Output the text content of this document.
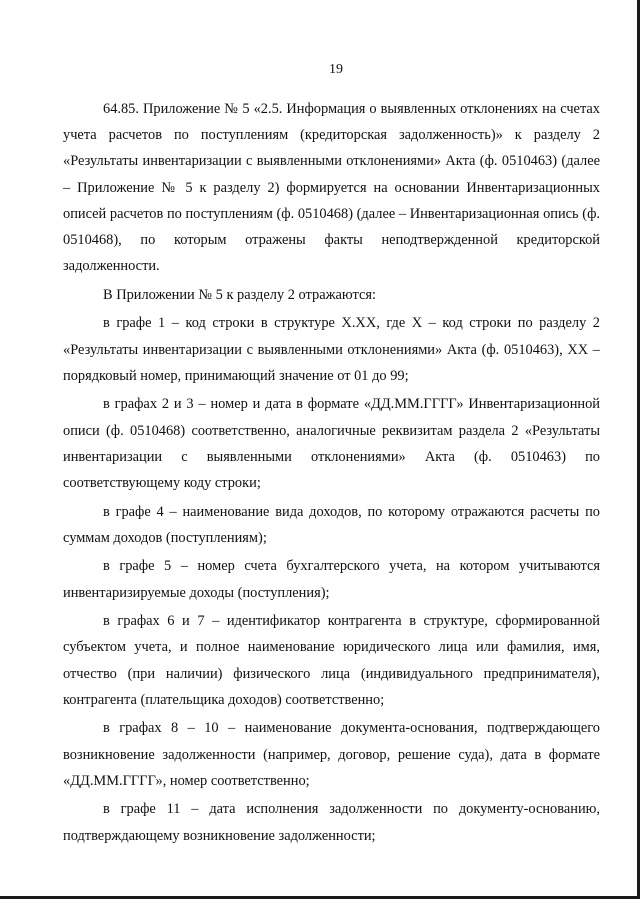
19

64.85. Приложение № 5 «2.5. Информация о выявленных отклонениях на счетах учета расчетов по поступлениям (кредиторская задолженность)» к разделу 2 «Результаты инвентаризации с выявленными отклонениями» Акта (ф. 0510463) (далее – Приложение № 5 к разделу 2) формируется на основании Инвентаризационных описей расчетов по поступлениям (ф. 0510468) (далее – Инвентаризационная опись (ф. 0510468), по которым отражены факты неподтвержденной кредиторской задолженности.

В Приложении № 5 к разделу 2 отражаются:

в графе 1 – код строки в структуре Х.ХХ, где Х – код строки по разделу 2 «Результаты инвентаризации с выявленными отклонениями» Акта (ф. 0510463), ХХ – порядковый номер, принимающий значение от 01 до 99;

в графах 2 и 3 – номер и дата в формате «ДД.ММ.ГГГГ» Инвентаризационной описи (ф. 0510468) соответственно, аналогичные реквизитам раздела 2 «Результаты инвентаризации с выявленными отклонениями» Акта (ф. 0510463) по соответствующему коду строки;

в графе 4 – наименование вида доходов, по которому отражаются расчеты по суммам доходов (поступлениям);

в графе 5 – номер счета бухгалтерского учета, на котором учитываются инвентаризируемые доходы (поступления);

в графах 6 и 7 – идентификатор контрагента в структуре, сформированной субъектом учета, и полное наименование юридического лица или фамилия, имя, отчество (при наличии) физического лица (индивидуального предпринимателя), контрагента (плательщика доходов) соответственно;

в графах 8 – 10 – наименование документа-основания, подтверждающего возникновение задолженности (например, договор, решение суда), дата в формате «ДД.ММ.ГГГГ», номер соответственно;

в графе 11 – дата исполнения задолженности по документу-основанию, подтверждающему возникновение задолженности;
